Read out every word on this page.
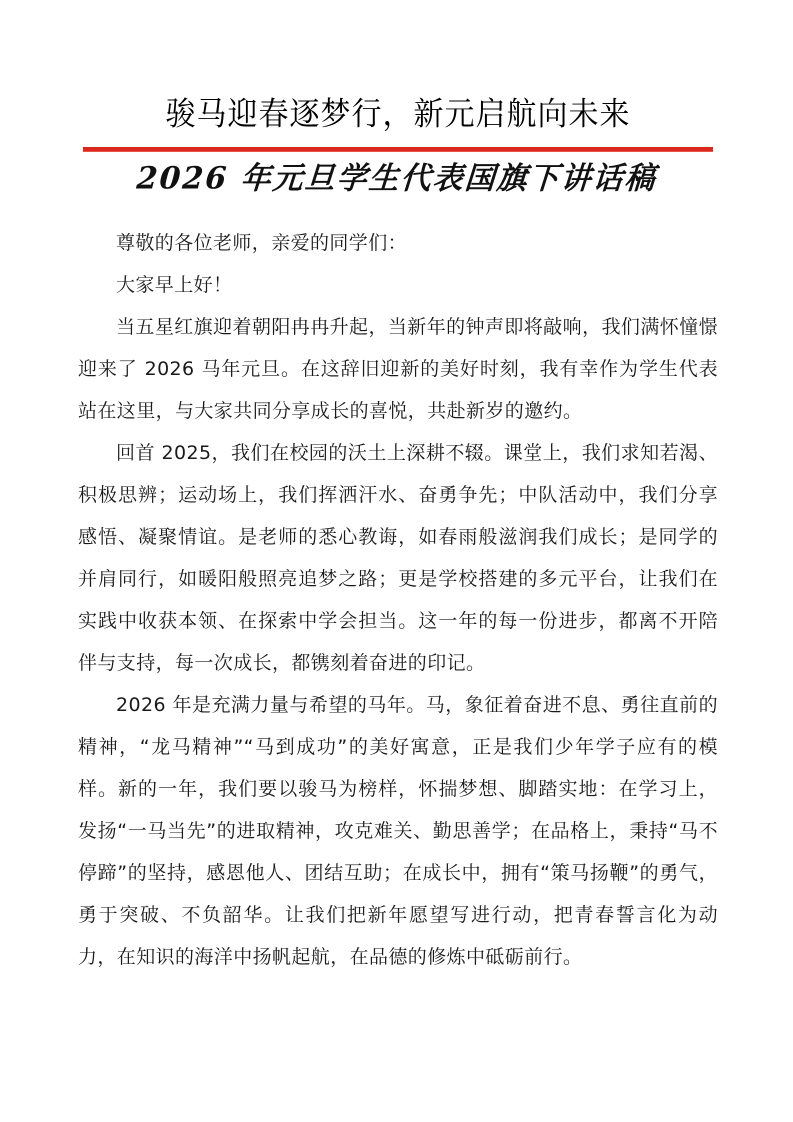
骏马迎春逐梦行，新元启航向未来
2026 年元旦学生代表国旗下讲话稿

尊敬的各位老师，亲爱的同学们：

大家早上好！

当五星红旗迎着朝阳冉冉升起，当新年的钟声即将敲响，我们满怀憧憬迎来了 2026 马年元旦。在这辞旧迎新的美好时刻，我有幸作为学生代表站在这里，与大家共同分享成长的喜悦，共赴新岁的邀约。

回首 2025，我们在校园的沃土上深耕不辍。课堂上，我们求知若渴、积极思辨；运动场上，我们挥洒汗水、奋勇争先；中队活动中，我们分享感悟、凝聚情谊。是老师的悉心教诲，如春雨般滋润我们成长；是同学的并肩同行，如暖阳般照亮追梦之路；更是学校搭建的多元平台，让我们在实践中收获本领、在探索中学会担当。这一年的每一份进步，都离不开陪伴与支持，每一次成长，都镌刻着奋进的印记。

2026 年是充满力量与希望的马年。马，象征着奋进不息、勇往直前的精神，“龙马精神”“马到成功”的美好寓意，正是我们少年学子应有的模样。新的一年，我们要以骏马为榜样，怀揣梦想、脚踏实地：在学习上，发扬“一马当先”的进取精神，攻克难关、勤思善学；在品格上，秉持“马不停蹄”的坚持，感恩他人、团结互助；在成长中，拥有“策马扬鞭”的勇气，勇于突破、不负韶华。让我们把新年愿望写进行动，把青春誓言化为动力，在知识的海洋中扬帆起航，在品德的修炼中砥砺前行。
